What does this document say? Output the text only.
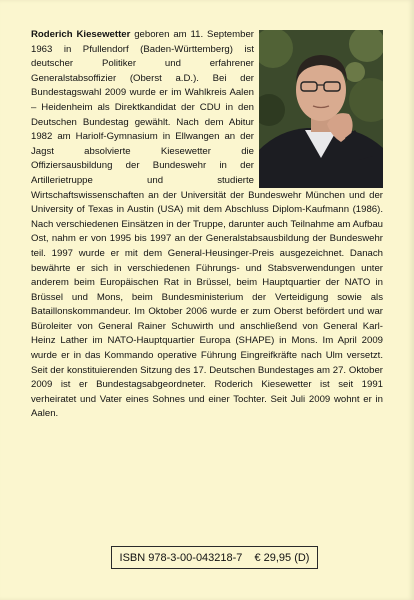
Roderich Kiesewetter geboren am 11. September 1963 in Pfullendorf (Baden-Württemberg) ist deutscher Politiker und erfahrener Generalstabsoffizier (Oberst a.D.). Bei der Bundestagswahl 2009 wurde er im Wahlkreis Aalen – Heidenheim als Direktkandidat der CDU in den Deutschen Bundestag gewählt. Nach dem Abitur 1982 am Hariolf-Gymnasium in Ellwangen an der Jagst absolvierte Kiesewetter die Offiziersausbildung der Bundeswehr in der Artillerietruppe und studierte Wirtschaftswissenschaften an der Universität der Bundeswehr München und der University of Texas in Austin (USA) mit dem Abschluss Diplom-Kaufmann (1986). Nach verschiedenen Einsätzen in der Truppe, darunter auch Teilnahme am Aufbau Ost, nahm er von 1995 bis 1997 an der Generalstabsausbildung der Bundeswehr teil. 1997 wurde er mit dem General-Heusinger-Preis ausgezeichnet. Danach bewährte er sich in verschiedenen Führungs- und Stabsverwendungen unter anderem beim Europäischen Rat in Brüssel, beim Hauptquartier der NATO in Brüssel und Mons, beim Bundesministerium der Verteidigung sowie als Bataillonskommandeur. Im Oktober 2006 wurde er zum Oberst befördert und war Büroleiter von General Rainer Schuwirth und anschließend von General Karl-Heinz Lather im NATO-Hauptquartier Europa (SHAPE) in Mons. Im April 2009 wurde er in das Kommando operative Führung Eingreifkräfte nach Ulm versetzt. Seit der konstituierenden Sitzung des 17. Deutschen Bundestages am 27. Oktober 2009 ist er Bundestagsabgeordneter. Roderich Kiesewetter ist seit 1991 verheiratet und Vater eines Sohnes und einer Tochter. Seit Juli 2009 wohnt er in Aalen.
ISBN 978-3-00-043218-7 € 29,95 (D)
